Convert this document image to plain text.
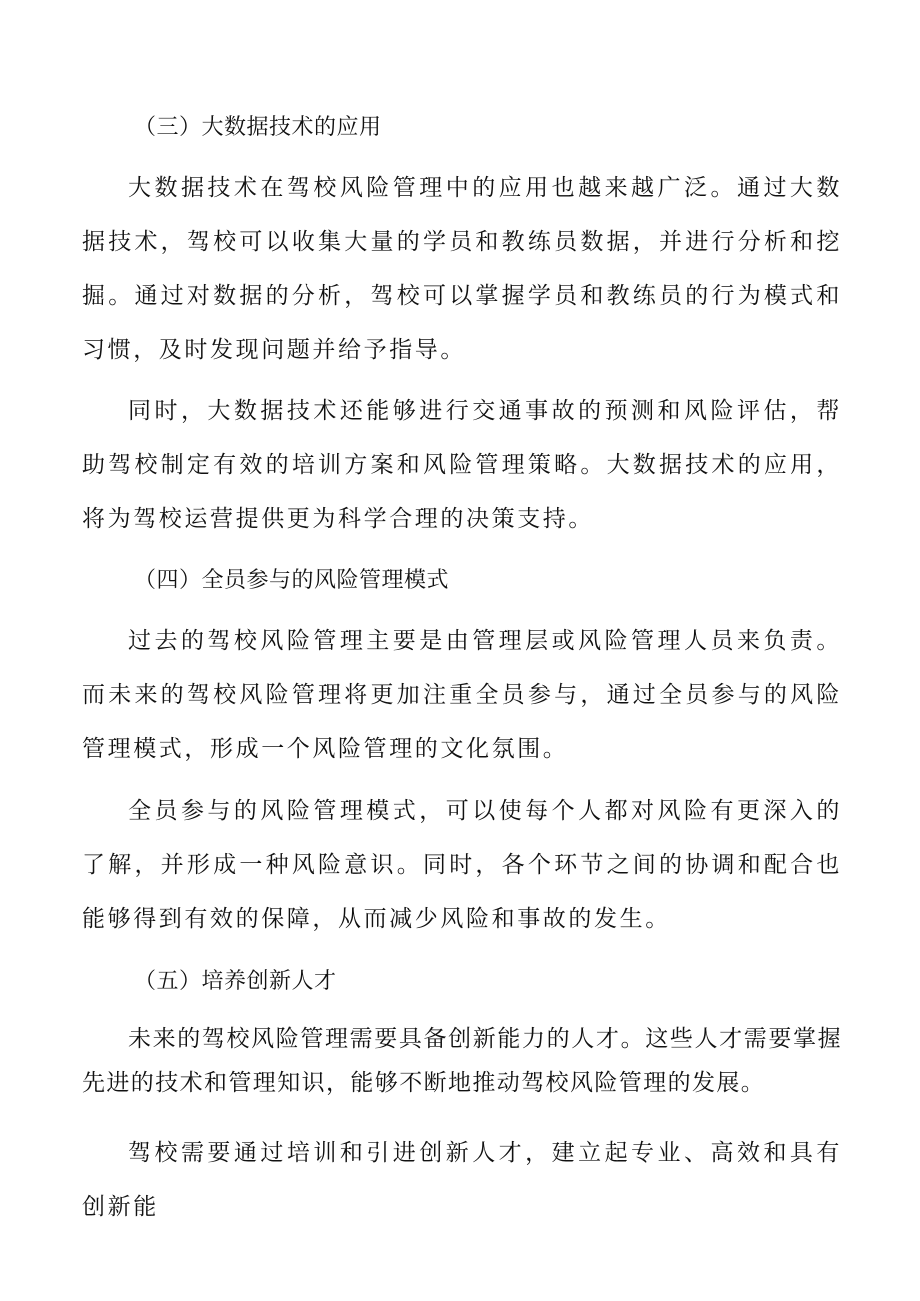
（三）大数据技术的应用

大数据技术在驾校风险管理中的应用也越来越广泛。通过大数据技术，驾校可以收集大量的学员和教练员数据，并进行分析和挖掘。通过对数据的分析，驾校可以掌握学员和教练员的行为模式和习惯，及时发现问题并给予指导。

同时，大数据技术还能够进行交通事故的预测和风险评估，帮助驾校制定有效的培训方案和风险管理策略。大数据技术的应用，将为驾校运营提供更为科学合理的决策支持。

（四）全员参与的风险管理模式

过去的驾校风险管理主要是由管理层或风险管理人员来负责。而未来的驾校风险管理将更加注重全员参与，通过全员参与的风险管理模式，形成一个风险管理的文化氛围。

全员参与的风险管理模式，可以使每个人都对风险有更深入的了解，并形成一种风险意识。同时，各个环节之间的协调和配合也能够得到有效的保障，从而减少风险和事故的发生。

（五）培养创新人才

未来的驾校风险管理需要具备创新能力的人才。这些人才需要掌握先进的技术和管理知识，能够不断地推动驾校风险管理的发展。

驾校需要通过培训和引进创新人才，建立起专业、高效和具有创新能
